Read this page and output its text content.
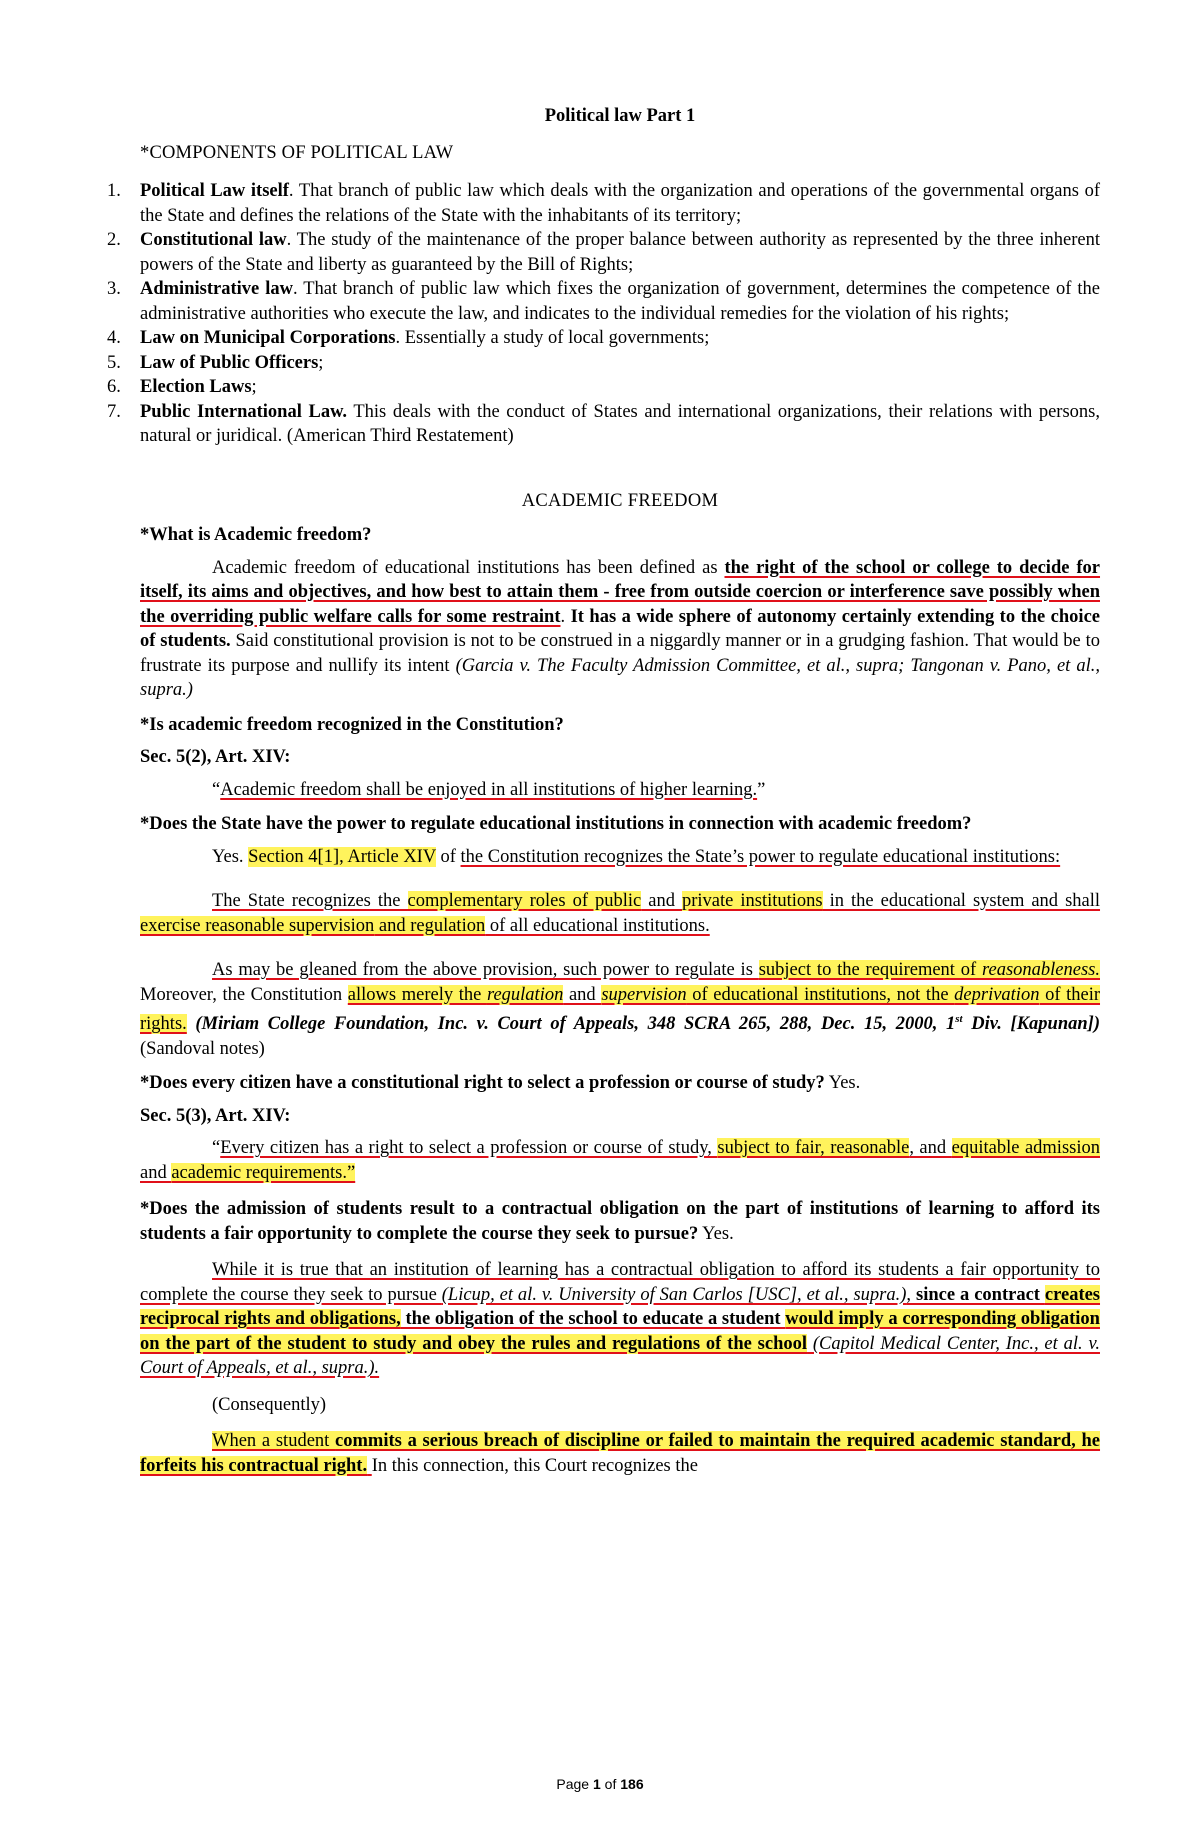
Political law Part 1

*COMPONENTS OF POLITICAL LAW

1. Political Law itself. That branch of public law which deals with the organization and operations of the governmental organs of the State and defines the relations of the State with the inhabitants of its territory;
2. Constitutional law. The study of the maintenance of the proper balance between authority as represented by the three inherent powers of the State and liberty as guaranteed by the Bill of Rights;
3. Administrative law. That branch of public law which fixes the organization of government, determines the competence of the administrative authorities who execute the law, and indicates to the individual remedies for the violation of his rights;
4. Law on Municipal Corporations. Essentially a study of local governments;
5. Law of Public Officers;
6. Election Laws;
7. Public International Law. This deals with the conduct of States and international organizations, their relations with persons, natural or juridical. (American Third Restatement)

ACADEMIC FREEDOM

*What is Academic freedom?

Academic freedom of educational institutions has been defined as the right of the school or college to decide for itself, its aims and objectives, and how best to attain them - free from outside coercion or interference save possibly when the overriding public welfare calls for some restraint. It has a wide sphere of autonomy certainly extending to the choice of students. Said constitutional provision is not to be construed in a niggardly manner or in a grudging fashion. That would be to frustrate its purpose and nullify its intent (Garcia v. The Faculty Admission Committee, et al., supra; Tangonan v. Pano, et al., supra.)

*Is academic freedom recognized in the Constitution?

Sec. 5(2), Art. XIV:

“Academic freedom shall be enjoyed in all institutions of higher learning.”

*Does the State have the power to regulate educational institutions in connection with academic freedom?

Yes. Section 4[1], Article XIV of the Constitution recognizes the State’s power to regulate educational institutions:

The State recognizes the complementary roles of public and private institutions in the educational system and shall exercise reasonable supervision and regulation of all educational institutions.

As may be gleaned from the above provision, such power to regulate is subject to the requirement of reasonableness. Moreover, the Constitution allows merely the regulation and supervision of educational institutions, not the deprivation of their rights. (Miriam College Foundation, Inc. v. Court of Appeals, 348 SCRA 265, 288, Dec. 15, 2000, 1st Div. [Kapunan]) (Sandoval notes)

*Does every citizen have a constitutional right to select a profession or course of study? Yes.

Sec. 5(3), Art. XIV:

“Every citizen has a right to select a profession or course of study, subject to fair, reasonable, and equitable admission and academic requirements.”

*Does the admission of students result to a contractual obligation on the part of institutions of learning to afford its students a fair opportunity to complete the course they seek to pursue? Yes.

While it is true that an institution of learning has a contractual obligation to afford its students a fair opportunity to complete the course they seek to pursue (Licup, et al. v. University of San Carlos [USC], et al., supra.), since a contract creates reciprocal rights and obligations, the obligation of the school to educate a student would imply a corresponding obligation on the part of the student to study and obey the rules and regulations of the school (Capitol Medical Center, Inc., et al. v. Court of Appeals, et al., supra.).

(Consequently)

When a student commits a serious breach of discipline or failed to maintain the required academic standard, he forfeits his contractual right. In this connection, this Court recognizes the

Page 1 of 186
